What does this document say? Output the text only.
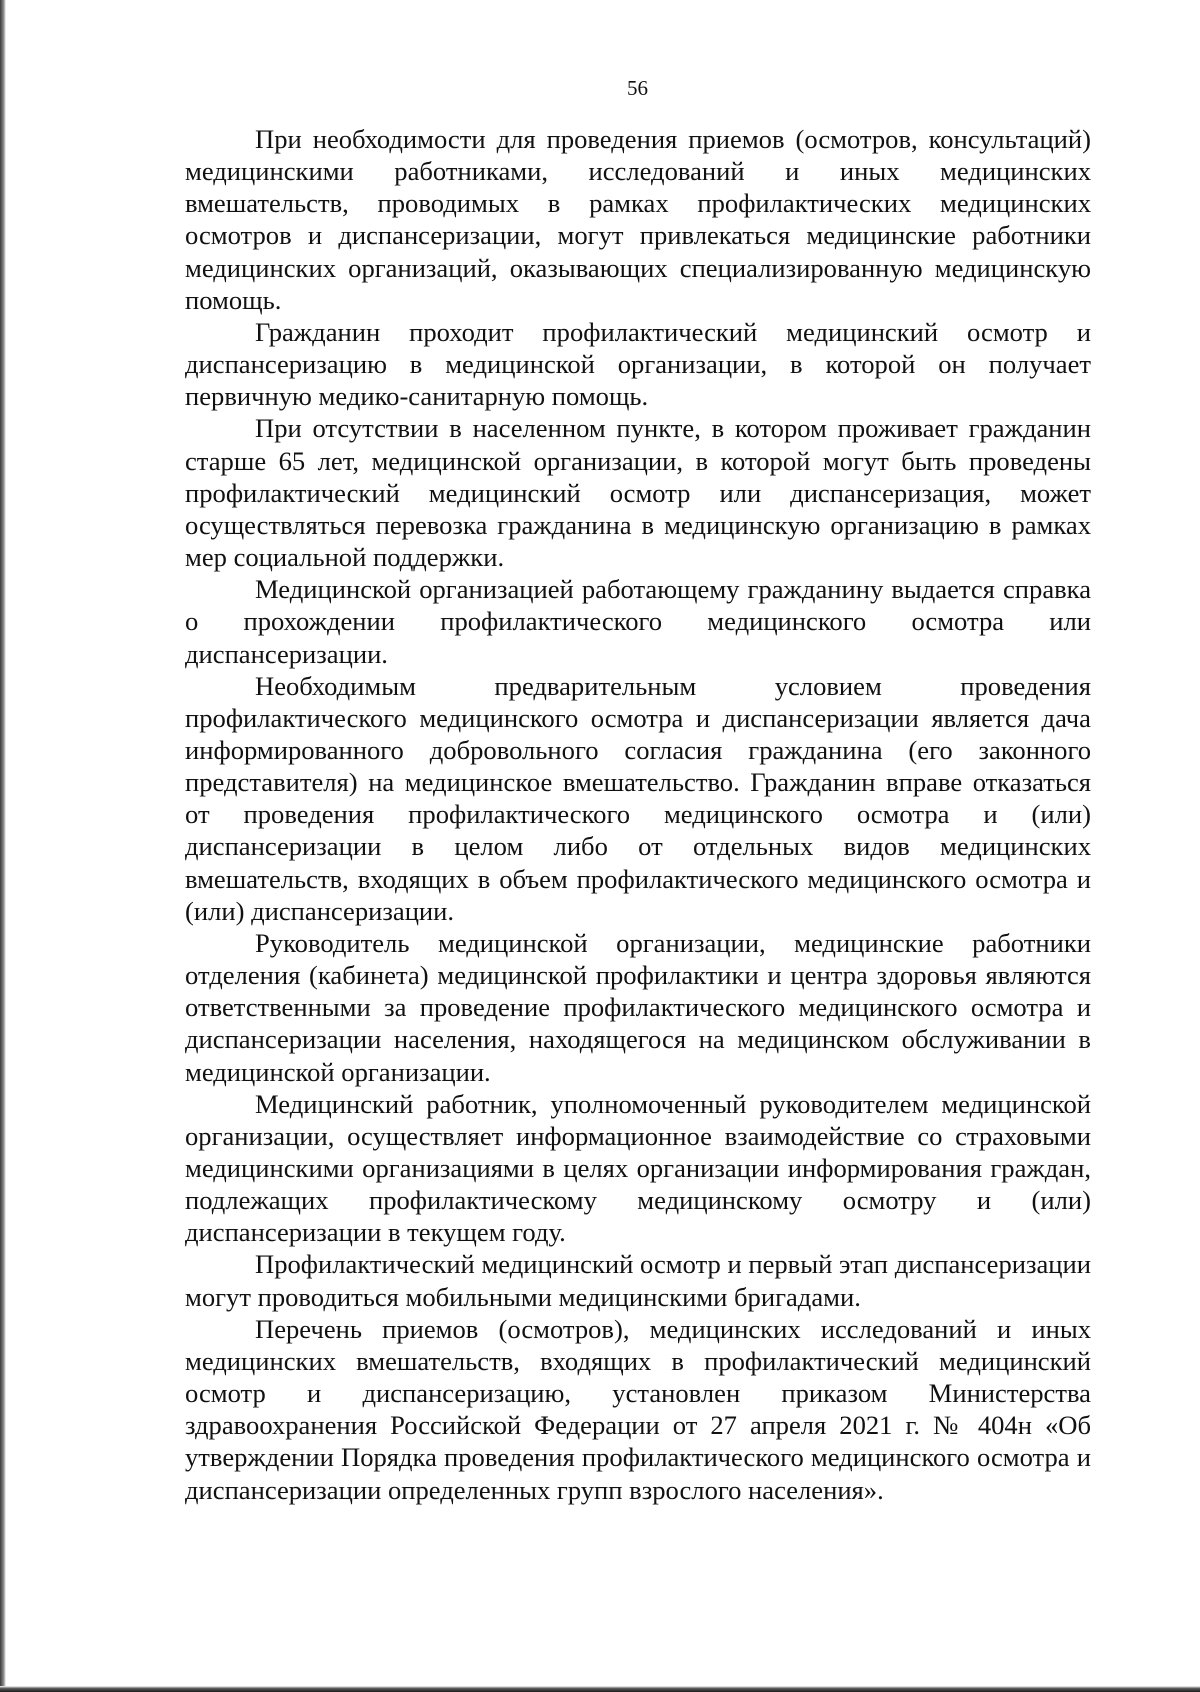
56

При необходимости для проведения приемов (осмотров, консультаций) медицинскими работниками, исследований и иных медицинских вмешательств, проводимых в рамках профилактических медицинских осмотров и диспансеризации, могут привлекаться медицинские работники медицинских организаций, оказывающих специализированную медицинскую помощь.

Гражданин проходит профилактический медицинский осмотр и диспансеризацию в медицинской организации, в которой он получает первичную медико-санитарную помощь.

При отсутствии в населенном пункте, в котором проживает гражданин старше 65 лет, медицинской организации, в которой могут быть проведены профилактический медицинский осмотр или диспансеризация, может осуществляться перевозка гражданина в медицинскую организацию в рамках мер социальной поддержки.

Медицинской организацией работающему гражданину выдается справка о прохождении профилактического медицинского осмотра или диспансеризации.

Необходимым предварительным условием проведения профилактического медицинского осмотра и диспансеризации является дача информированного добровольного согласия гражданина (его законного представителя) на медицинское вмешательство. Гражданин вправе отказаться от проведения профилактического медицинского осмотра и (или) диспансеризации в целом либо от отдельных видов медицинских вмешательств, входящих в объем профилактического медицинского осмотра и (или) диспансеризации.

Руководитель медицинской организации, медицинские работники отделения (кабинета) медицинской профилактики и центра здоровья являются ответственными за проведение профилактического медицинского осмотра и диспансеризации населения, находящегося на медицинском обслуживании в медицинской организации.

Медицинский работник, уполномоченный руководителем медицинской организации, осуществляет информационное взаимодействие со страховыми медицинскими организациями в целях организации информирования граждан, подлежащих профилактическому медицинскому осмотру и (или) диспансеризации в текущем году.

Профилактический медицинский осмотр и первый этап диспансеризации могут проводиться мобильными медицинскими бригадами.

Перечень приемов (осмотров), медицинских исследований и иных медицинских вмешательств, входящих в профилактический медицинский осмотр и диспансеризацию, установлен приказом Министерства здравоохранения Российской Федерации от 27 апреля 2021 г. № 404н «Об утверждении Порядка проведения профилактического медицинского осмотра и диспансеризации определенных групп взрослого населения».
